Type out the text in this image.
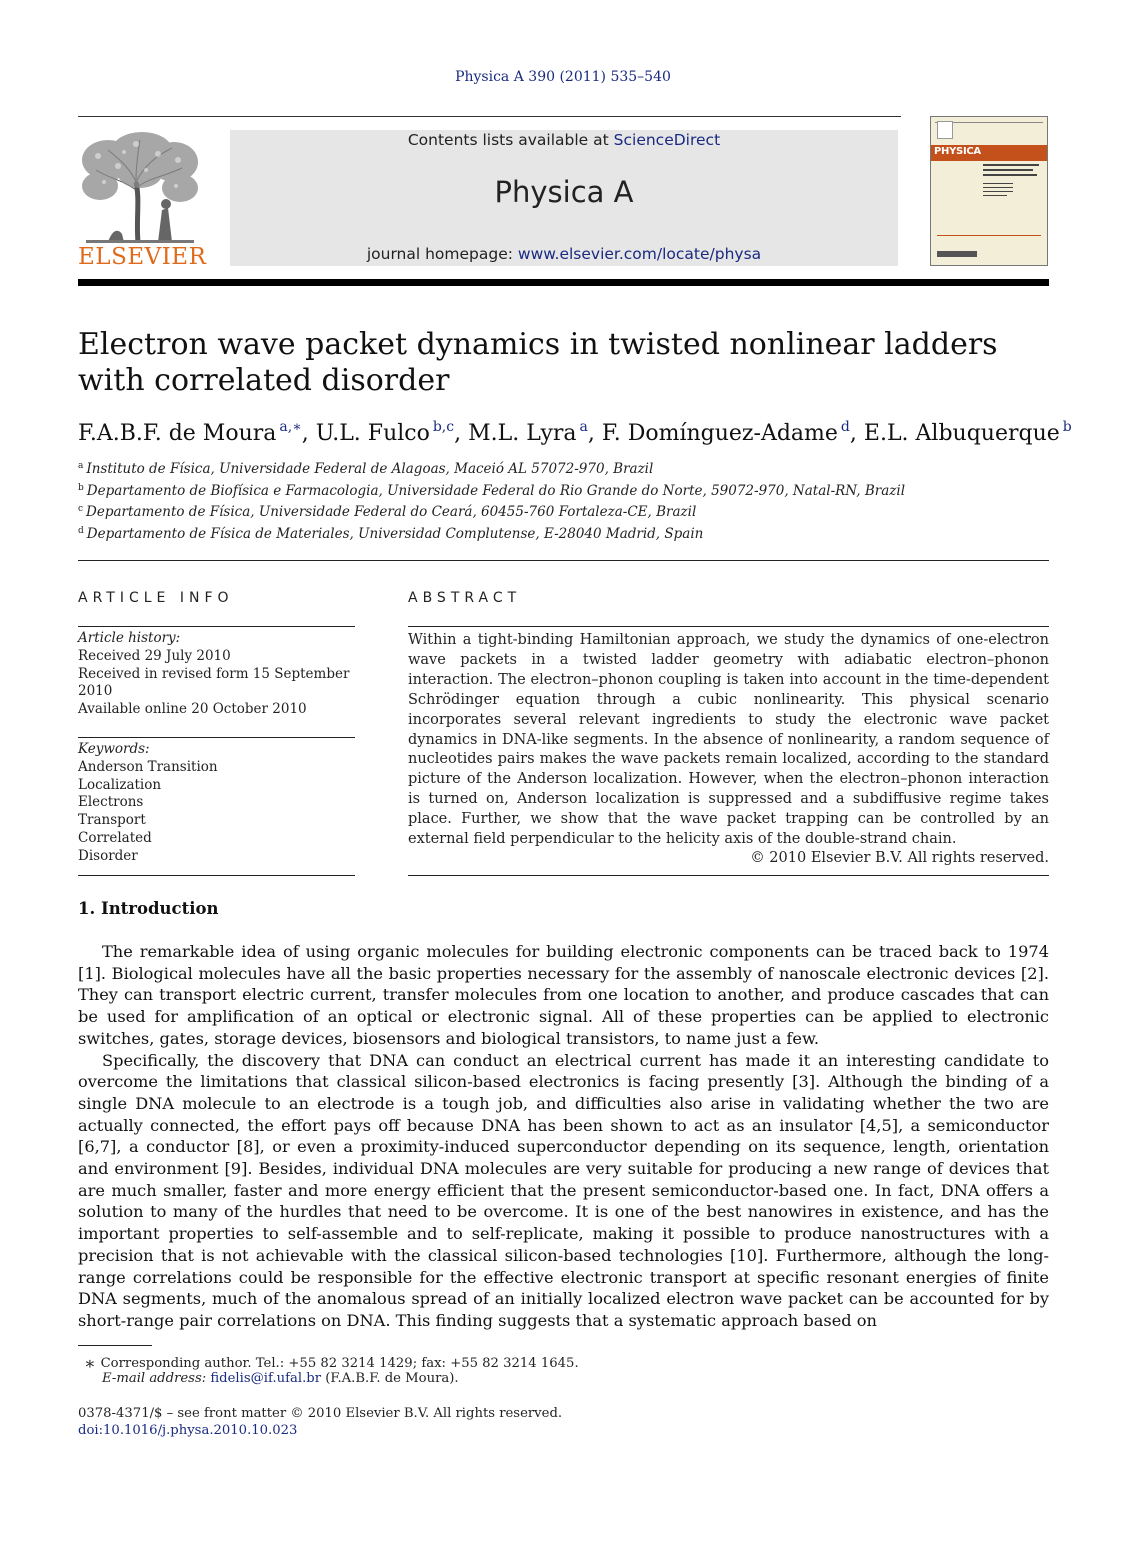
Physica A 390 (2011) 535–540
ELSEVIER
Contents lists available at ScienceDirect
Physica A
journal homepage: www.elsevier.com/locate/physa
PHYSICA
Electron wave packet dynamics in twisted nonlinear ladders with correlated disorder
F.A.B.F. de Moura $^{a,∗}$, U.L. Fulco $^{b,c}$, M.L. Lyra $^a$, F. Domínguez-Adame $^d$, E.L. Albuquerque $^b$
$^a$ Instituto de Física, Universidade Federal de Alagoas, Maceió AL 57072-970, Brazil
$^b$ Departamento de Biofísica e Farmacologia, Universidade Federal do Rio Grande do Norte, 59072-970, Natal-RN, Brazil
$^c$ Departamento de Física, Universidade Federal do Ceará, 60455-760 Fortaleza-CE, Brazil
$^d$ Departamento de Física de Materiales, Universidad Complutense, E-28040 Madrid, Spain
ARTICLE INFO	ABSTRACT
Article history:
Received 29 July 2010
Received in revised form 15 September
2010
Available online 20 October 2010
Keywords:
Anderson Transition
Localization
Electrons
Transport
Correlated
Disorder
Within a tight-binding Hamiltonian approach, we study the dynamics of one-electron wave packets in a twisted ladder geometry with adiabatic electron–phonon interaction. The electron–phonon coupling is taken into account in the time-dependent Schrödinger equation through a cubic nonlinearity. This physical scenario incorporates several relevant ingredients to study the electronic wave packet dynamics in DNA-like segments. In the absence of nonlinearity, a random sequence of nucleotides pairs makes the wave packets remain localized, according to the standard picture of the Anderson localization. However, when the electron–phonon interaction is turned on, Anderson localization is suppressed and a subdiffusive regime takes place. Further, we show that the wave packet trapping can be controlled by an external field perpendicular to the helicity axis of the double-strand chain.
© 2010 Elsevier B.V. All rights reserved.
1. Introduction

The remarkable idea of using organic molecules for building electronic components can be traced back to 1974 [1]. Biological molecules have all the basic properties necessary for the assembly of nanoscale electronic devices [2]. They can transport electric current, transfer molecules from one location to another, and produce cascades that can be used for amplification of an optical or electronic signal. All of these properties can be applied to electronic switches, gates, storage devices, biosensors and biological transistors, to name just a few.

Specifically, the discovery that DNA can conduct an electrical current has made it an interesting candidate to overcome the limitations that classical silicon-based electronics is facing presently [3]. Although the binding of a single DNA molecule to an electrode is a tough job, and difficulties also arise in validating whether the two are actually connected, the effort pays off because DNA has been shown to act as an insulator [4,5], a semiconductor [6,7], a conductor [8], or even a proximity-induced superconductor depending on its sequence, length, orientation and environment [9]. Besides, individual DNA molecules are very suitable for producing a new range of devices that are much smaller, faster and more energy efficient that the present semiconductor-based one. In fact, DNA offers a solution to many of the hurdles that need to be overcome. It is one of the best nanowires in existence, and has the important properties to self-assemble and to self-replicate, making it possible to produce nanostructures with a precision that is not achievable with the classical silicon-based technologies [10]. Furthermore, although the long-range correlations could be responsible for the effective electronic transport at specific resonant energies of finite DNA segments, much of the anomalous spread of an initially localized electron wave packet can be accounted for by short-range pair correlations on DNA. This finding suggests that a systematic approach based on

∗ Corresponding author. Tel.: +55 82 3214 1429; fax: +55 82 3214 1645.
E-mail address: fidelis@if.ufal.br (F.A.B.F. de Moura).
0378-4371/$ – see front matter © 2010 Elsevier B.V. All rights reserved.
doi:10.1016/j.physa.2010.10.023
